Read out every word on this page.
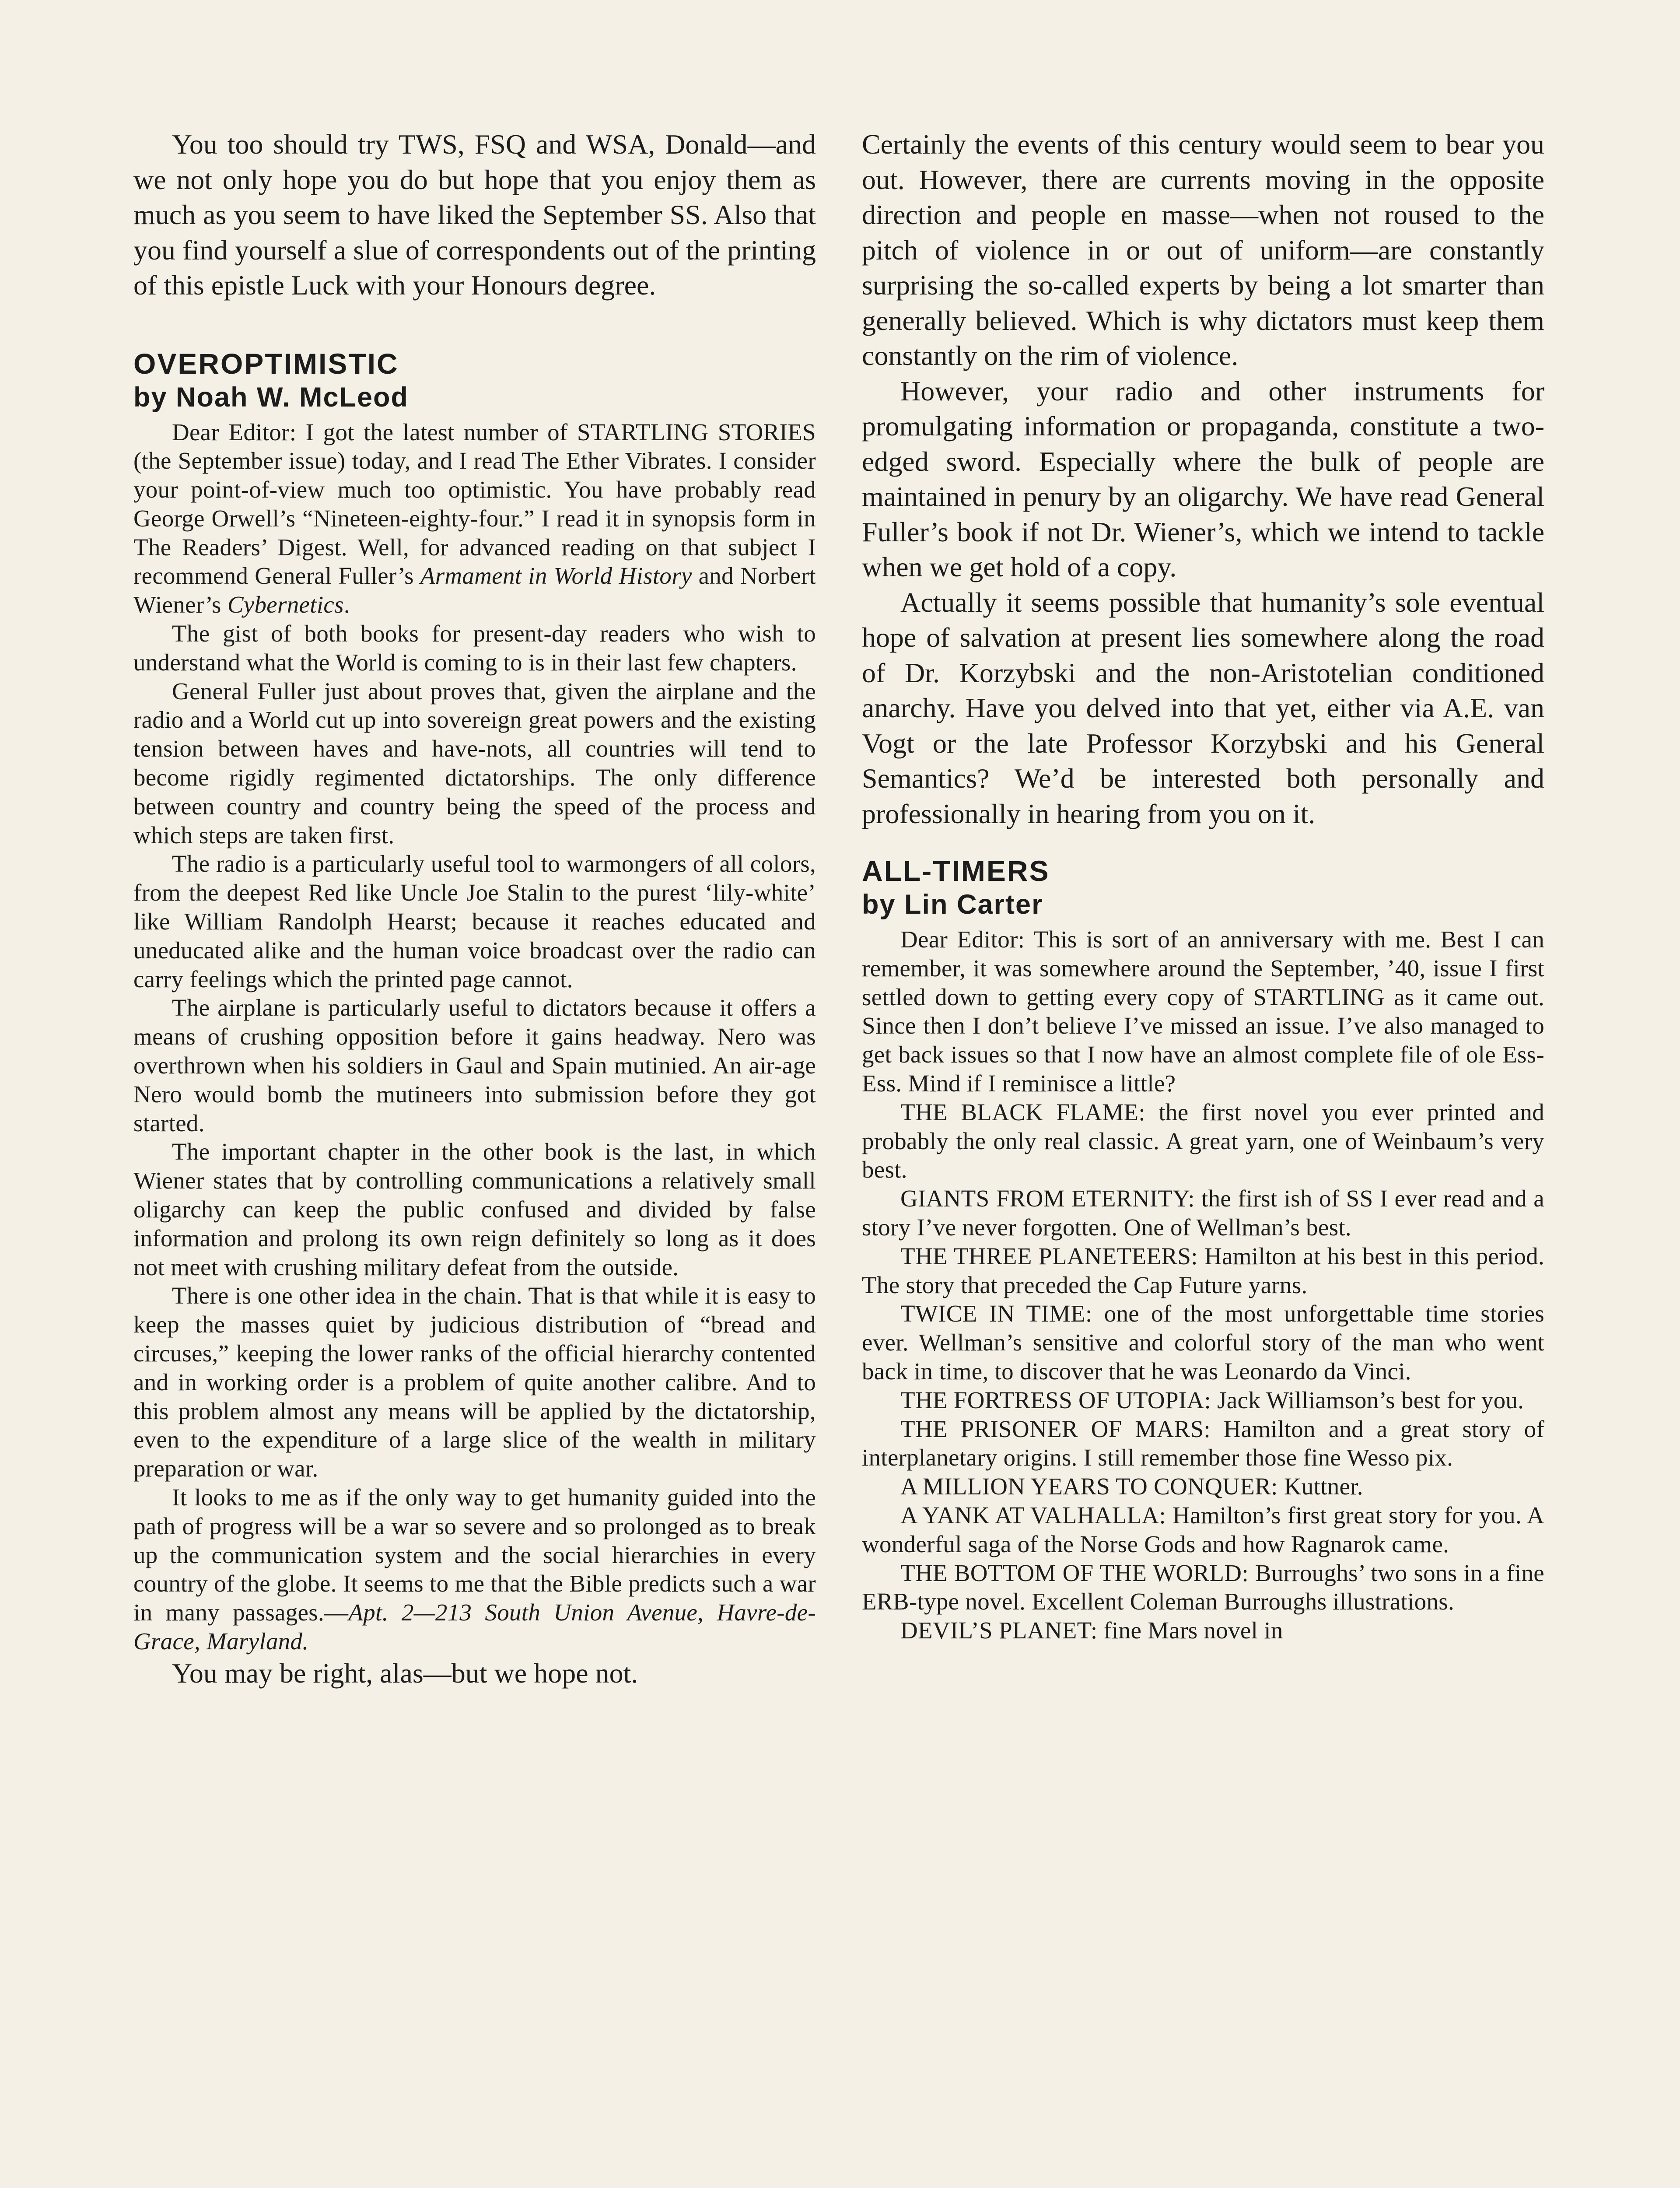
You too should try TWS, FSQ and WSA, Donald—and we not only hope you do but hope that you enjoy them as much as you seem to have liked the September SS. Also that you find yourself a slue of correspondents out of the printing of this epistle Luck with your Honours degree.

OVEROPTIMISTIC
by Noah W. McLeod

Dear Editor: I got the latest number of STARTLING STORIES (the September issue) today, and I read The Ether Vibrates. I consider your point-of-view much too optimistic. You have probably read George Orwell’s “Nineteen-eighty-four.” I read it in synopsis form in The Readers’ Digest. Well, for advanced reading on that subject I recommend General Fuller’s Armament in World History and Norbert Wiener’s Cybernetics.

The gist of both books for present-day readers who wish to understand what the World is coming to is in their last few chapters.

General Fuller just about proves that, given the airplane and the radio and a World cut up into sovereign great powers and the existing tension between haves and have-nots, all countries will tend to become rigidly regimented dictatorships. The only difference between country and country being the speed of the process and which steps are taken first.

The radio is a particularly useful tool to warmongers of all colors, from the deepest Red like Uncle Joe Stalin to the purest ‘lily-white’ like William Randolph Hearst; because it reaches educated and uneducated alike and the human voice broadcast over the radio can carry feelings which the printed page cannot.

The airplane is particularly useful to dictators because it offers a means of crushing opposition before it gains headway. Nero was overthrown when his soldiers in Gaul and Spain mutinied. An air-age Nero would bomb the mutineers into submission before they got started.

The important chapter in the other book is the last, in which Wiener states that by controlling communications a relatively small oligarchy can keep the public confused and divided by false information and prolong its own reign definitely so long as it does not meet with crushing military defeat from the outside.

There is one other idea in the chain. That is that while it is easy to keep the masses quiet by judicious distribution of “bread and circuses,” keeping the lower ranks of the official hierarchy contented and in working order is a problem of quite another calibre. And to this problem almost any means will be applied by the dictatorship, even to the expenditure of a large slice of the wealth in military preparation or war.

It looks to me as if the only way to get humanity guided into the path of progress will be a war so severe and so prolonged as to break up the communication system and the social hierarchies in every country of the globe. It seems to me that the Bible predicts such a war in many passages.—Apt. 2—213 South Union Avenue, Havre-de-Grace, Maryland.

You may be right, alas—but we hope not.

Certainly the events of this century would seem to bear you out. However, there are currents moving in the opposite direction and people en masse—when not roused to the pitch of violence in or out of uniform—are constantly surprising the so-called experts by being a lot smarter than generally believed. Which is why dictators must keep them constantly on the rim of violence.

However, your radio and other instruments for promulgating information or propaganda, constitute a two-edged sword. Especially where the bulk of people are maintained in penury by an oligarchy. We have read General Fuller’s book if not Dr. Wiener’s, which we intend to tackle when we get hold of a copy.

Actually it seems possible that humanity’s sole eventual hope of salvation at present lies somewhere along the road of Dr. Korzybski and the non-Aristotelian conditioned anarchy. Have you delved into that yet, either via A.E. van Vogt or the late Professor Korzybski and his General Semantics? We’d be interested both personally and professionally in hearing from you on it.

ALL-TIMERS
by Lin Carter

Dear Editor: This is sort of an anniversary with me. Best I can remember, it was somewhere around the September, ’40, issue I first settled down to getting every copy of STARTLING as it came out. Since then I don’t believe I’ve missed an issue. I’ve also managed to get back issues so that I now have an almost complete file of ole Ess-Ess. Mind if I reminisce a little?

THE BLACK FLAME: the first novel you ever printed and probably the only real classic. A great yarn, one of Weinbaum’s very best.

GIANTS FROM ETERNITY: the first ish of SS I ever read and a story I’ve never forgotten. One of Wellman’s best.

THE THREE PLANETEERS: Hamilton at his best in this period. The story that preceded the Cap Future yarns.

TWICE IN TIME: one of the most unforgettable time stories ever. Wellman’s sensitive and colorful story of the man who went back in time, to discover that he was Leonardo da Vinci.

THE FORTRESS OF UTOPIA: Jack Williamson’s best for you.

THE PRISONER OF MARS: Hamilton and a great story of interplanetary origins. I still remember those fine Wesso pix.

A MILLION YEARS TO CONQUER: Kuttner.

A YANK AT VALHALLA: Hamilton’s first great story for you. A wonderful saga of the Norse Gods and how Ragnarok came.

THE BOTTOM OF THE WORLD: Burroughs’ two sons in a fine ERB-type novel. Excellent Coleman Burroughs illustrations.

DEVIL’S PLANET: fine Mars novel in
